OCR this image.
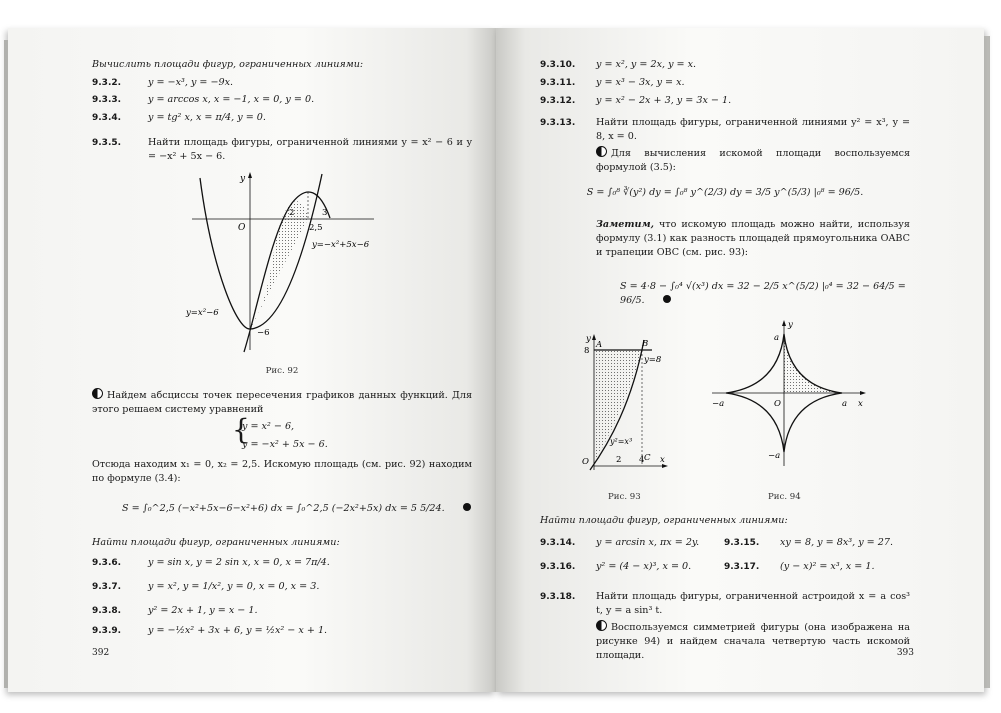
Вычислить площади фигур, ограниченных линиями:
9.3.2.	y = −x³, y = −9x.
9.3.3.	y = arccos x, x = −1, x = 0, y = 0.
9.3.4.	y = tg² x, x = π/4, y = 0.
9.3.5.	Найти площадь фигуры, ограниченной линиями y = x² − 6 и y = −x² + 5x − 6.
y
O
2	3
2,5
−6
y=x²−6
y=−x²+5x−6
Рис. 92
Найдем абсциссы точек пересечения графиков данных функций. Для этого решаем систему уравнений
{
y = x² − 6,
y = −x² + 5x − 6.
Отсюда находим x₁ = 0, x₂ = 2,5. Искомую площадь (см. рис. 92) находим по формуле (3.4):
S = ∫₀^2,5 (−x²+5x−6−x²+6) dx = ∫₀^2,5 (−2x²+5x) dx = 5 5/24.
Найти площади фигур, ограниченных линиями:
9.3.6.	y = sin x, y = 2 sin x, x = 0, x = 7π/4.
9.3.7.	y = x², y = 1/x², y = 0, x = 0, x = 3.
9.3.8.	y² = 2x + 1, y = x − 1.
9.3.9.	y = −½x² + 3x + 6, y = ½x² − x + 1.
392
9.3.10. y = x², y = 2x, y = x.
9.3.11. y = x³ − 3x, y = x.
9.3.12. y = x² − 2x + 3, y = 3x − 1.
9.3.13. Найти площадь фигуры, ограниченной линиями y² = x³, y = 8, x = 0.
Для вычисления искомой площади воспользуемся формулой (3.5):
S = ∫₀⁸ ∛(y²) dy = ∫₀⁸ y^(2/3) dy = 3/5 y^(5/3) |₀⁸ = 96/5.
Заметим, что искомую площадь можно найти, используя формулу (3.1) как разность площадей прямоугольника OABC и трапеции OBC (см. рис. 93):
S = 4·8 − ∫₀⁴ √(x³) dx = 32 − 2/5 x^(5/2) |₀⁴ = 32 − 64/5 = 96/5.
y
8
A	B
y=8
y²=x³
C
O	2 4 x
Рис. 93
y
x
O
a
a
−a
−a
Рис. 94
Найти площади фигур, ограниченных линиями:
9.3.14. y = arcsin x, πx = 2y.	9.3.15. xy = 8, y = 8x³, y = 27.
9.3.16. y² = (4 − x)³, x = 0.	9.3.17. (y − x)² = x³, x = 1.
9.3.18. Найти площадь фигуры, ограниченной астроидой x = a cos³ t, y = a sin³ t.
Воспользуемся симметрией фигуры (она изображена на рисунке 94) и найдем сначала четвертую часть искомой площади.	393
